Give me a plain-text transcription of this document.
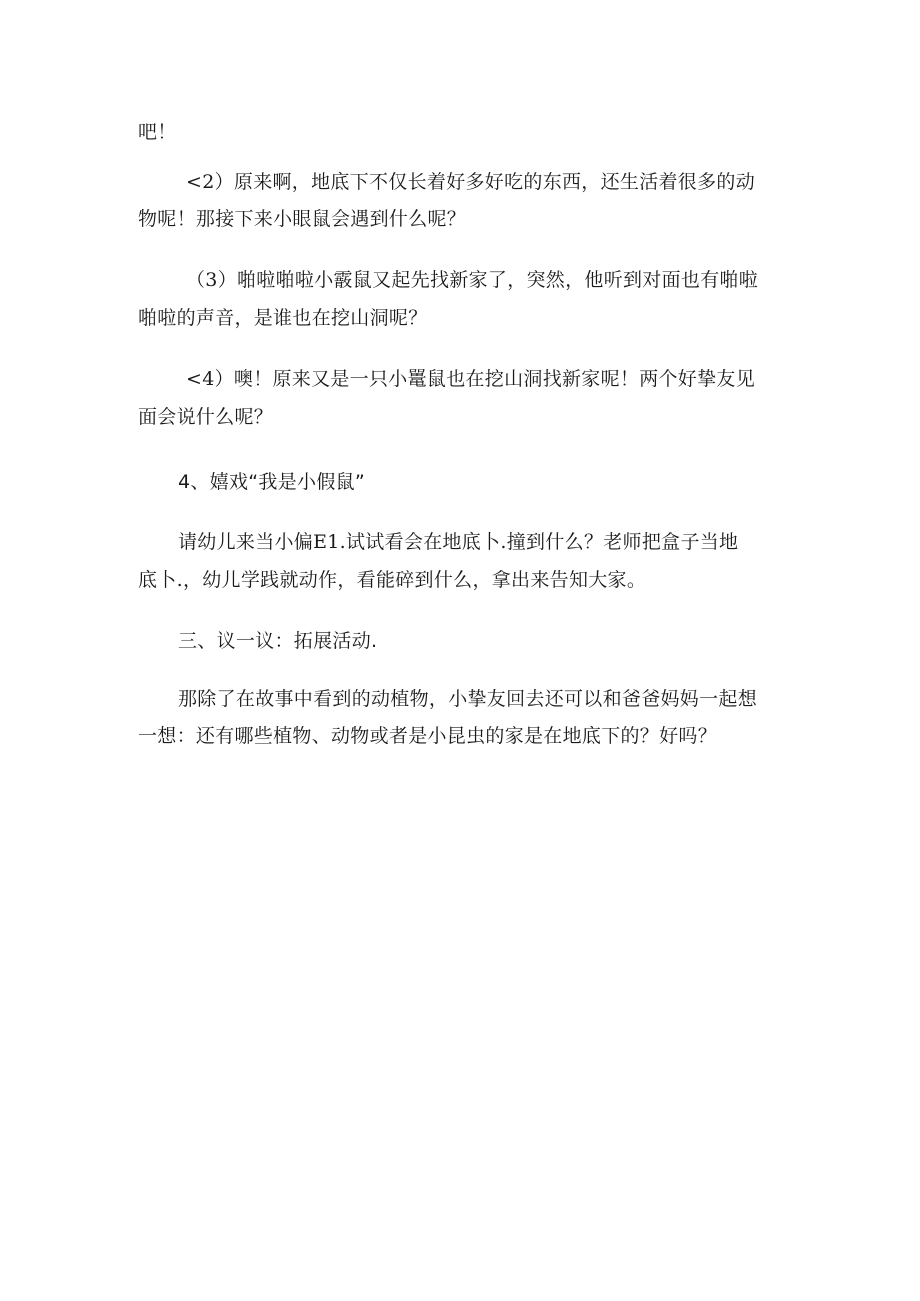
吧！
<2）原来啊，地底下不仅长着好多好吃的东西，还生活着很多的动
物呢！那接下来小眼鼠会遇到什么呢？
（3）啪啦啪啦小霰鼠又起先找新家了，突然，他听到对面也有啪啦
啪啦的声音，是谁也在挖山洞呢？
<4）噢！原来又是一只小鼍鼠也在挖山洞找新家呢！两个好挚友见
面会说什么呢？
4、嬉戏“我是小假鼠”
请幼儿来当小偏E1.试试看会在地底卜.撞到什么？老师把盒子当地
底卜.，幼儿学践就动作，看能碎到什么，拿出来告知大家。
三、议一议：拓展活动.
那除了在故事中看到的动植物，小挚友回去还可以和爸爸妈妈一起想
一想：还有哪些植物、动物或者是小昆虫的家是在地底下的？好吗？
